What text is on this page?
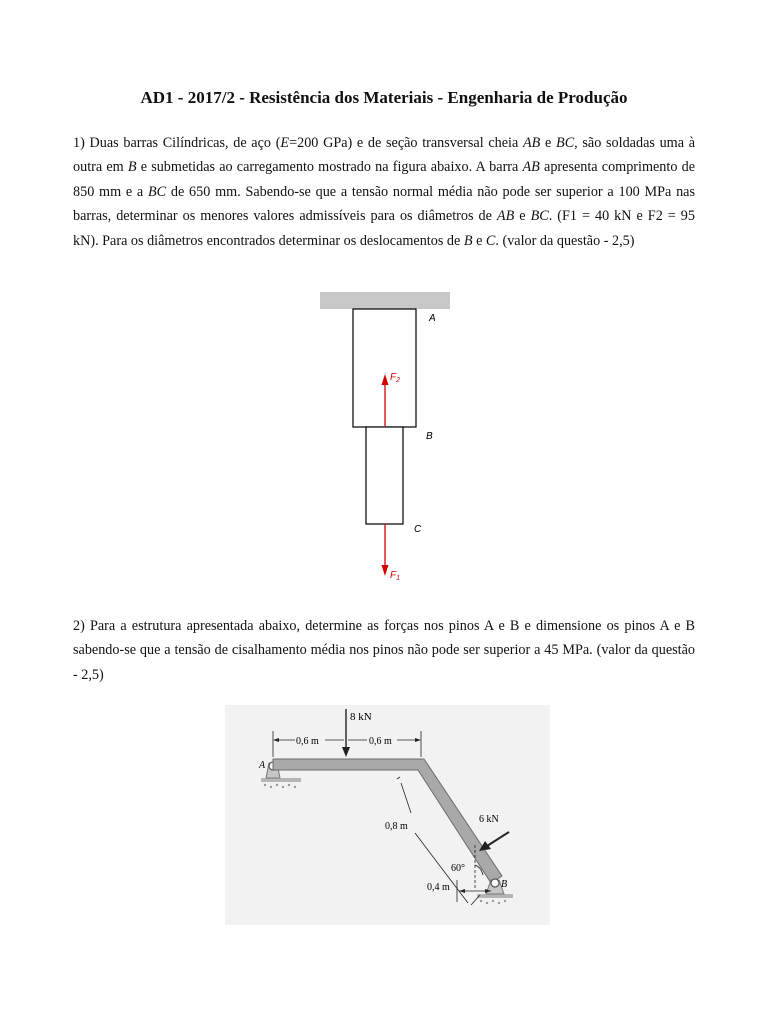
AD1 - 2017/2 - Resistência dos Materiais - Engenharia de Produção
1) Duas barras Cilíndricas, de aço (E=200 GPa) e de seção transversal cheia AB e BC, são soldadas uma à outra em B e submetidas ao carregamento mostrado na figura abaixo. A barra AB apresenta comprimento de 850 mm e a BC de 650 mm. Sabendo-se que a tensão normal média não pode ser superior a 100 MPa nas barras, determinar os menores valores admissíveis para os diâmetros de AB e BC. (F1 = 40 kN e F2 = 95 kN). Para os diâmetros encontrados determinar os deslocamentos de B e C. (valor da questão - 2,5)
A
B
C
$F_2$
$F_1$
2) Para a estrutura apresentada abaixo, determine as forças nos pinos A e B e dimensione os pinos A e B sabendo-se que a tensão de cisalhamento média nos pinos não pode ser superior a 45 MPa. (valor da questão - 2,5)
8 kN
0,6 m	0,6 m
0,8 m
60°
0,4 m
6 kN
A
B
